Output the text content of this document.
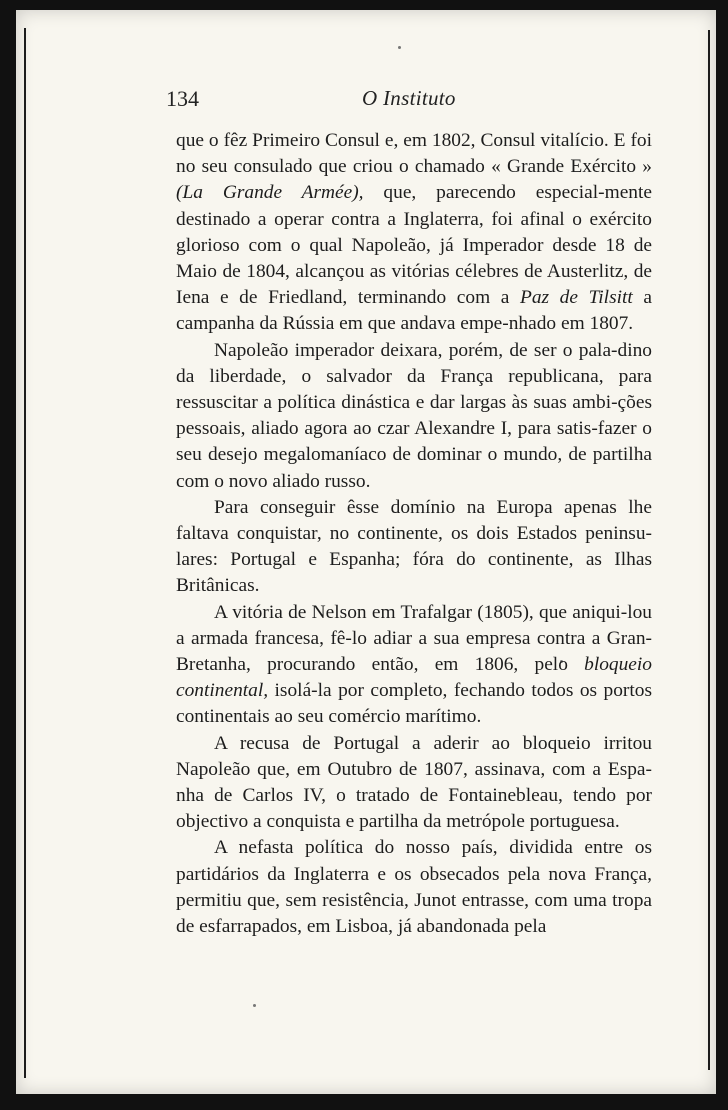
134	O Instituto

que o fêz Primeiro Consul e, em 1802, Consul vitalício. E foi no seu consulado que criou o chamado « Grande Exército » (La Grande Armée), que, parecendo especial-mente destinado a operar contra a Inglaterra, foi afinal o exército glorioso com o qual Napoleão, já Imperador desde 18 de Maio de 1804, alcançou as vitórias célebres de Austerlitz, de Iena e de Friedland, terminando com a Paz de Tilsitt a campanha da Rússia em que andava empe-nhado em 1807.

Napoleão imperador deixara, porém, de ser o pala-dino da liberdade, o salvador da França republicana, para ressuscitar a política dinástica e dar largas às suas ambi-ções pessoais, aliado agora ao czar Alexandre I, para satis-fazer o seu desejo megalomaníaco de dominar o mundo, de partilha com o novo aliado russo.

Para conseguir êsse domínio na Europa apenas lhe faltava conquistar, no continente, os dois Estados peninsu-lares: Portugal e Espanha; fóra do continente, as Ilhas Britânicas.

A vitória de Nelson em Trafalgar (1805), que aniqui-lou a armada francesa, fê-lo adiar a sua empresa contra a Gran-Bretanha, procurando então, em 1806, pelo bloqueio continental, isolá-la por completo, fechando todos os portos continentais ao seu comércio marítimo.

A recusa de Portugal a aderir ao bloqueio irritou Napoleão que, em Outubro de 1807, assinava, com a Espa-nha de Carlos IV, o tratado de Fontainebleau, tendo por objectivo a conquista e partilha da metrópole portuguesa.

A nefasta política do nosso país, dividida entre os partidários da Inglaterra e os obsecados pela nova França, permitiu que, sem resistência, Junot entrasse, com uma tropa de esfarrapados, em Lisboa, já abandonada pela
